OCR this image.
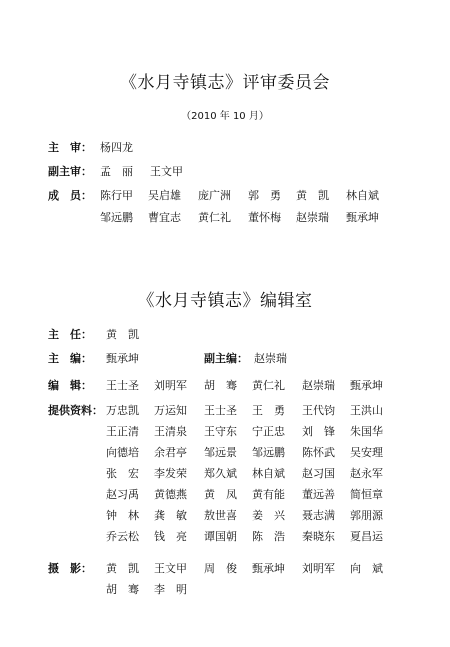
《水月寺镇志》评审委员会
（2010 年 10 月）
主　审： 杨四龙
副主审： 孟　丽 王文甲
成　员： 陈行甲 吴启雄 庞广洲 郭　勇 黄　凯 林自斌
邹远鹏 曹宜志 黄仁礼 董怀梅 赵崇瑞 甄承坤
《水月寺镇志》编辑室
主　任： 黄　凯
主　编： 甄承坤	副主编： 赵崇瑞
编　辑： 王士圣 刘明军 胡　骞 黄仁礼 赵崇瑞 甄承坤
提供资料： 万忠凯 万运知 王士圣 王　勇 王代钧 王洪山
王正清 王清泉 王守东 宁正忠 刘　锋 朱国华
向德培 余君亭 邹远景 邹远鹏 陈怀武 吴安理
张　宏 李发荣 郑久斌 林自斌 赵习国 赵永军
赵习禹 黄德燕 黄　凤 黄有能 董远善 简恒章
钟　林 龚　敏 敖世喜 姜　兴 聂志满 郭朋源
乔云松 钱　亮 谭国朝 陈　浩 秦晓东 夏昌运
摄　影： 黄　凯 王文甲 周　俊 甄承坤 刘明军 向　斌
胡　骞 李　明
